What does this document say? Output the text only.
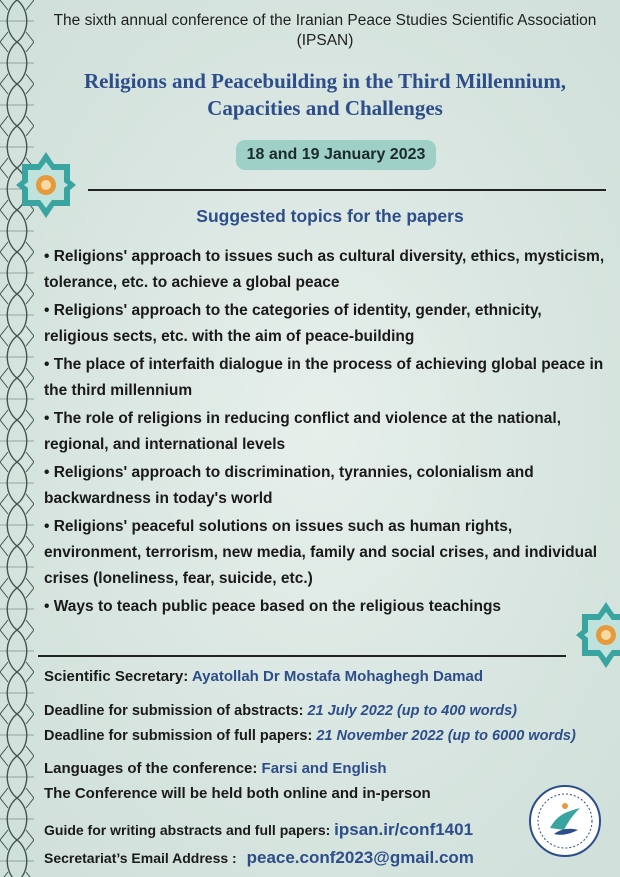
The sixth annual conference of the Iranian Peace Studies Scientific Association (IPSAN)
Religions and Peacebuilding in the Third Millennium,
Capacities and Challenges
18 and 19 January 2023
Suggested topics for the papers
• Religions' approach to issues such as cultural diversity, ethics, mysticism, tolerance, etc. to achieve a global peace
• Religions' approach to the categories of identity, gender, ethnicity, religious sects, etc. with the aim of peace-building
• The place of interfaith dialogue in the process of achieving global peace in the third millennium
• The role of religions in reducing conflict and violence at the national, regional, and international levels
• Religions' approach to discrimination, tyrannies, colonialism and backwardness in today's world
• Religions' peaceful solutions on issues such as human rights, environment, terrorism, new media, family and social crises, and individual crises (loneliness, fear, suicide, etc.)
• Ways to teach public peace based on the religious teachings
Scientific Secretary: Ayatollah Dr Mostafa Mohaghegh Damad
Deadline for submission of abstracts: 21 July 2022 (up to 400 words)
Deadline for submission of full papers: 21 November 2022 (up to 6000 words)
Languages of the conference: Farsi and English
The Conference will be held both online and in-person
Guide for writing abstracts and full papers: ipsan.ir/conf1401
Secretariat’s Email Address : peace.conf2023@gmail.com
